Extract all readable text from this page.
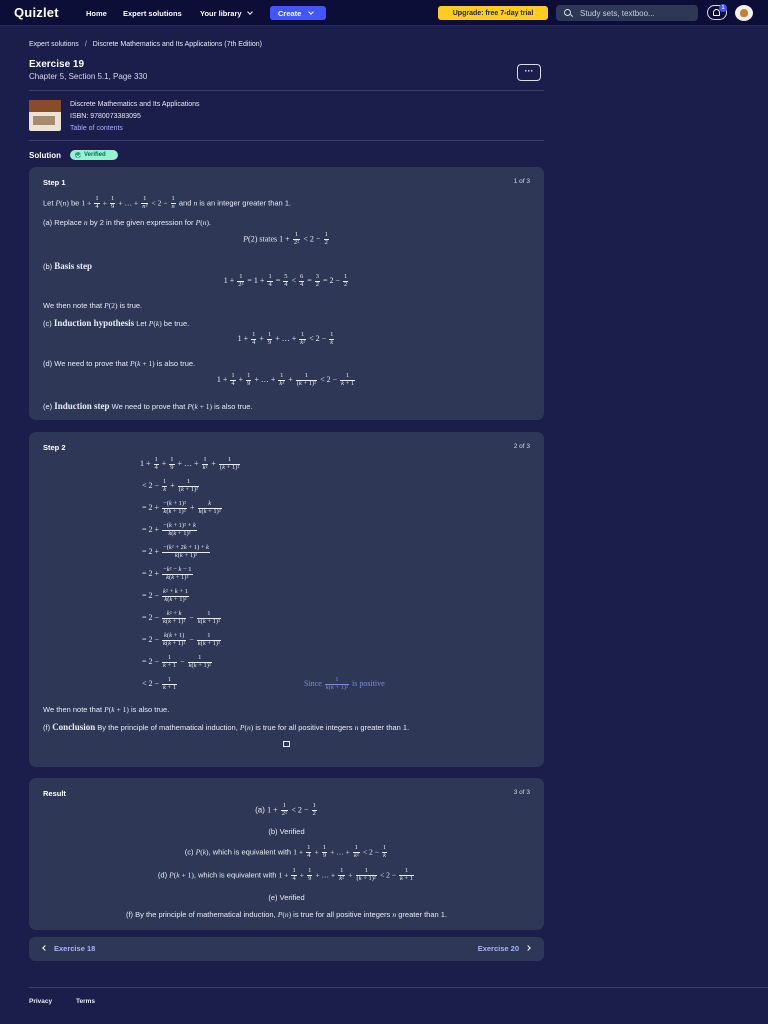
Quizlet	Home Expert solutions Your library	Create	Upgrade: free 7-day trial
Study sets, textboo...
1
Expert solutions / Discrete Mathematics and Its Applications (7th Edition)
Exercise 19
Chapter 5, Section 5.1, Page 330
···
Discrete Mathematics and Its Applications
ISBN: 9780073383095
Table of contents
Solution	Verified
Step 1	1 of 3
Let P(n) be $1 + \frac{1}{4} + \frac{1}{9}$ + … + $\frac{1}{\text{n²}} < 2 - \frac{1}{n}$ and n is an integer greater than 1.
(a) Replace n by 2 in the given expression for P(n).
P(2) states $1 + \frac{1}{\text{2²}} < 2 - \frac{1}{2}$
(b) Basis step
$1 + \frac{1}{\text{2²}} = 1 + \frac{1}{4} = \frac{5}{4} < \frac{6}{4} = \frac{3}{2} = 2 - \frac{1}{2}$
We then note that P(2) is true.
(c) Induction hypothesis Let P(k) be true.
$1 + \frac{1}{4} + \frac{1}{9}$ + … + $\frac{1}{\text{k²}} < 2 - \frac{1}{k}$
(d) We need to prove that P(k + 1) is also true.
$1 + \frac{1}{4} + \frac{1}{9}$ + … + $\frac{1}{\text{k²}} + \frac{1}{\text{(k + 1)²}} < 2 - \frac{1}{k + 1}$
(e) Induction step We need to prove that P(k + 1) is also true.
Step 2	2 of 3
$1 + \frac{1}{4} + \frac{1}{9}$ + … + $\frac{1}{\text{k²}} + \frac{1}{\text{(k + 1)²}}$
< $2 - \frac{1}{k} + \frac{1}{\text{(k + 1)²}}$
= $2 + \frac{\text{−(k + 1)²}}{\text{k(k + 1)²}} + \frac{k}{\text{k(k + 1)²}}$
= $2 + \frac{\text{−(k + 1)² + k}}{\text{k(k + 1)²}}$
= $2 + \frac{\text{−(k² + 2k + 1) + k}}{\text{k(k + 1)²}}$
= $2 + \frac{\text{−k² − k − 1}}{\text{k(k + 1)²}}$
= $2 - \frac{\text{k² + k + 1}}{\text{k(k + 1)²}}$
= $2 - \frac{\text{k² + k}}{\text{k(k + 1)²}} - \frac{1}{\text{k(k + 1)²}}$
= $2 - \frac{k(k + 1)}{\text{k(k + 1)²}} - \frac{1}{\text{k(k + 1)²}}$
= $2 - \frac{1}{k + 1} - \frac{1}{\text{k(k + 1)²}}$
< $2 - \frac{1}{k + 1}$	Since $\frac{1}{\text{k(k + 1)²}}$ is positive
We then note that P(k + 1) is also true.
(f) Conclusion By the principle of mathematical induction, P(n) is true for all positive integers n greater than 1.
Result	3 of 3
(a) $1 + \frac{1}{\text{2²}} < 2 - \frac{1}{2}$
(b) Verified
(c) P(k), which is equivalent with $1 + \frac{1}{4} + \frac{1}{9}$ + … + $\frac{1}{\text{k²}} < 2 - \frac{1}{k}$
(d) P(k + 1), which is equivalent with $1 + \frac{1}{4} + \frac{1}{9}$ + … + $\frac{1}{\text{k²}} + \frac{1}{\text{(k + 1)²}} < 2 - \frac{1}{k + 1}$
(e) Verified
(f) By the principle of mathematical induction, P(n) is true for all positive integers n greater than 1.
Exercise 18	Exercise 20
Privacy	Terms
